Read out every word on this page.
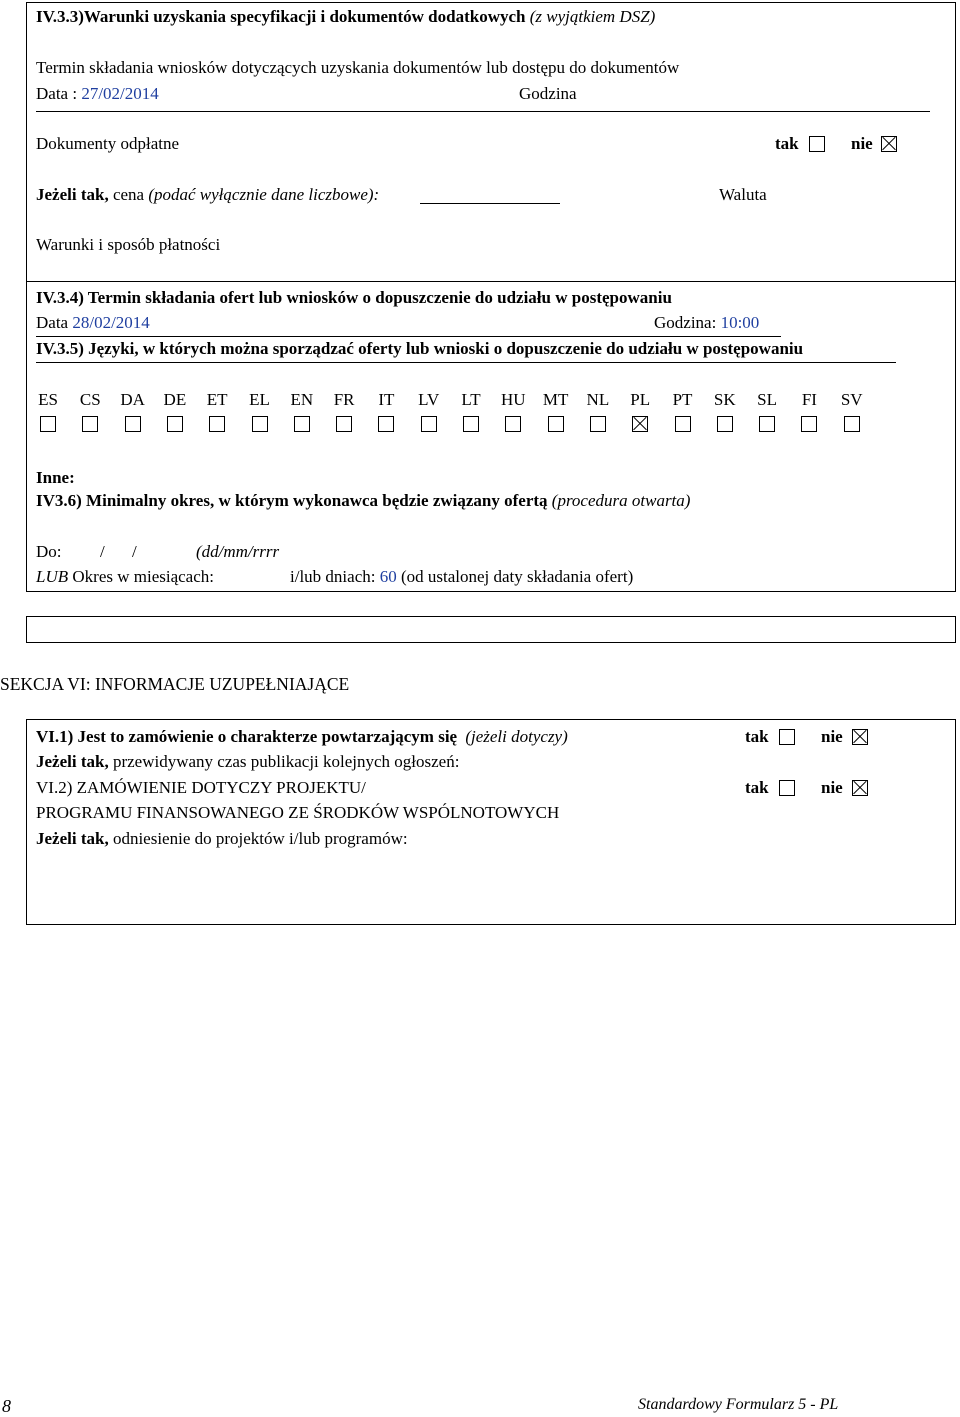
IV.3.3)Warunki uzyskania specyfikacji i dokumentów dodatkowych (z wyjątkiem DSZ)
Termin składania wniosków dotyczących uzyskania dokumentów lub dostępu do dokumentów
Data : 27/02/2014	Godzina
Dokumenty odpłatne	tak	nie
Jeżeli tak, cena (podać wyłącznie dane liczbowe):	Waluta
Warunki i sposób płatności
IV.3.4) Termin składania ofert lub wniosków o dopuszczenie do udziału w postępowaniu
Data 28/02/2014	Godzina: 10:00
IV.3.5) Języki, w których można sporządzać oferty lub wnioski o dopuszczenie do udziału w postępowaniu
ES	CS	DA	DE	ET	EL	EN	FR	IT	LV	LT	HU	MT	NL	PL	PT	SK	SL	FI	SV
Inne:
IV3.6) Minimalny okres, w którym wykonawca będzie związany ofertą (procedura otwarta)
Do: / /	(dd/mm/rrrr
LUB Okres w miesiącach:	i/lub dniach: 60 (od ustalonej daty składania ofert)
SEKCJA VI: INFORMACJE UZUPEŁNIAJĄCE
VI.1) Jest to zamówienie o charakterze powtarzającym się (jeżeli dotyczy)	tak	nie
Jeżeli tak, przewidywany czas publikacji kolejnych ogłoszeń:
VI.2) ZAMÓWIENIE DOTYCZY PROJEKTU/	tak	nie
PROGRAMU FINANSOWANEGO ZE ŚRODKÓW WSPÓLNOTOWYCH
Jeżeli tak, odniesienie do projektów i/lub programów:
8	Standardowy Formularz 5 - PL
